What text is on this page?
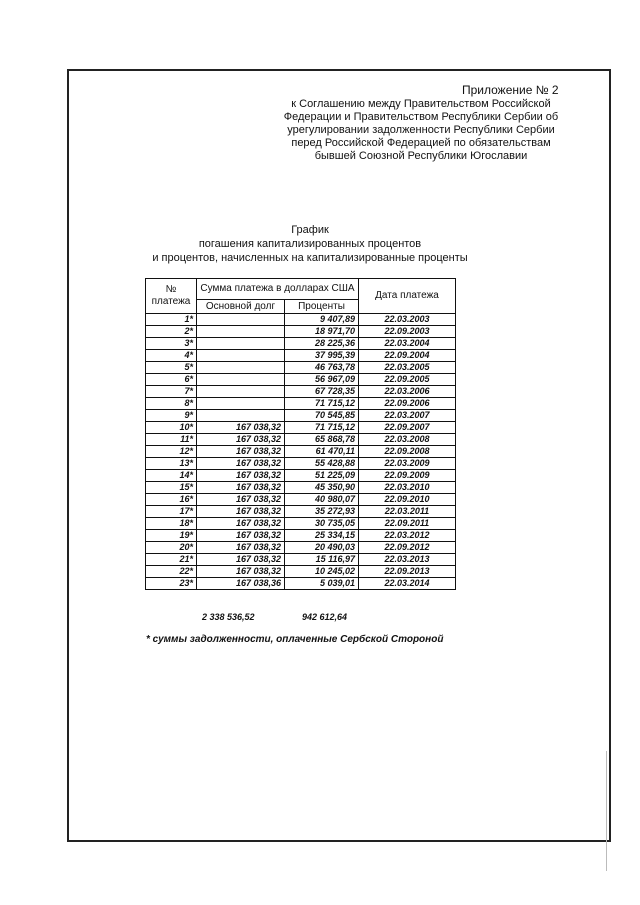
Приложение № 2
к Соглашению между Правительством Российской
Федерации и Правительством Республики Сербии об
урегулировании задолженности Республики Сербии
перед Российской Федерацией по обязательствам
бывшей Союзной Республики Югославии
График
погашения капитализированных процентов
и процентов, начисленных на капитализированные проценты
№ платежа	Сумма платежа в долларах США		Дата платежа
	Основной долг	Проценты	
1*		9 407,89	22.03.2003
2*		18 971,70	22.09.2003
3*		28 225,36	22.03.2004
4*		37 995,39	22.09.2004
5*		46 763,78	22.03.2005
6*		56 967,09	22.09.2005
7*		67 728,35	22.03.2006
8*		71 715,12	22.09.2006
9*		70 545,85	22.03.2007
10*	167 038,32	71 715,12	22.09.2007
11*	167 038,32	65 868,78	22.03.2008
12*	167 038,32	61 470,11	22.09.2008
13*	167 038,32	55 428,88	22.03.2009
14*	167 038,32	51 225,09	22.09.2009
15*	167 038,32	45 350,90	22.03.2010
16*	167 038,32	40 980,07	22.09.2010
17*	167 038,32	35 272,93	22.03.2011
18*	167 038,32	30 735,05	22.09.2011
19*	167 038,32	25 334,15	22.03.2012
20*	167 038,32	20 490,03	22.09.2012
21*	167 038,32	15 116,97	22.03.2013
22*	167 038,32	10 245,02	22.09.2013
23*	167 038,36	5 039,01	22.03.2014
2 338 536,52	942 612,64
* суммы задолженности, оплаченные Сербской Стороной
